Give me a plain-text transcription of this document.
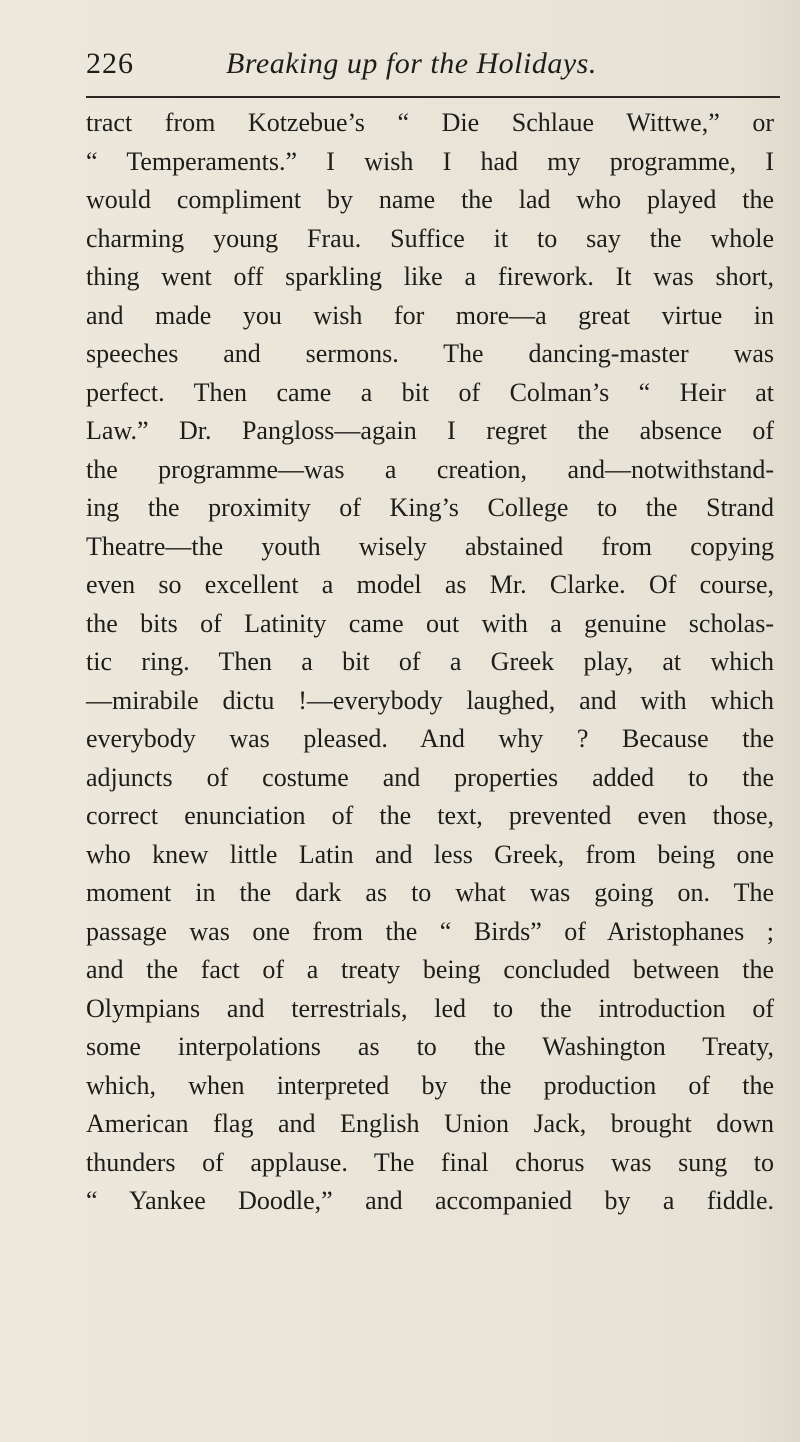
226	Breaking up for the Holidays.
tract from Kotzebue’s “ Die Schlaue Wittwe,” or
“ Temperaments.” I wish I had my programme, I
would compliment by name the lad who played the
charming young Frau. Suffice it to say the whole
thing went off sparkling like a firework. It was short,
and made you wish for more—a great virtue in
speeches and sermons. The dancing-master was
perfect. Then came a bit of Colman’s “ Heir at
Law.” Dr. Pangloss—again I regret the absence of
the programme—was a creation, and—notwithstand-
ing the proximity of King’s College to the Strand
Theatre—the youth wisely abstained from copying
even so excellent a model as Mr. Clarke. Of course,
the bits of Latinity came out with a genuine scholas-
tic ring. Then a bit of a Greek play, at which
—mirabile dictu !—everybody laughed, and with which
everybody was pleased. And why ? Because the
adjuncts of costume and properties added to the
correct enunciation of the text, prevented even those,
who knew little Latin and less Greek, from being one
moment in the dark as to what was going on. The
passage was one from the “ Birds” of Aristophanes ;
and the fact of a treaty being concluded between the
Olympians and terrestrials, led to the introduction of
some interpolations as to the Washington Treaty,
which, when interpreted by the production of the
American flag and English Union Jack, brought down
thunders of applause. The final chorus was sung to
“ Yankee Doodle,” and accompanied by a fiddle.
